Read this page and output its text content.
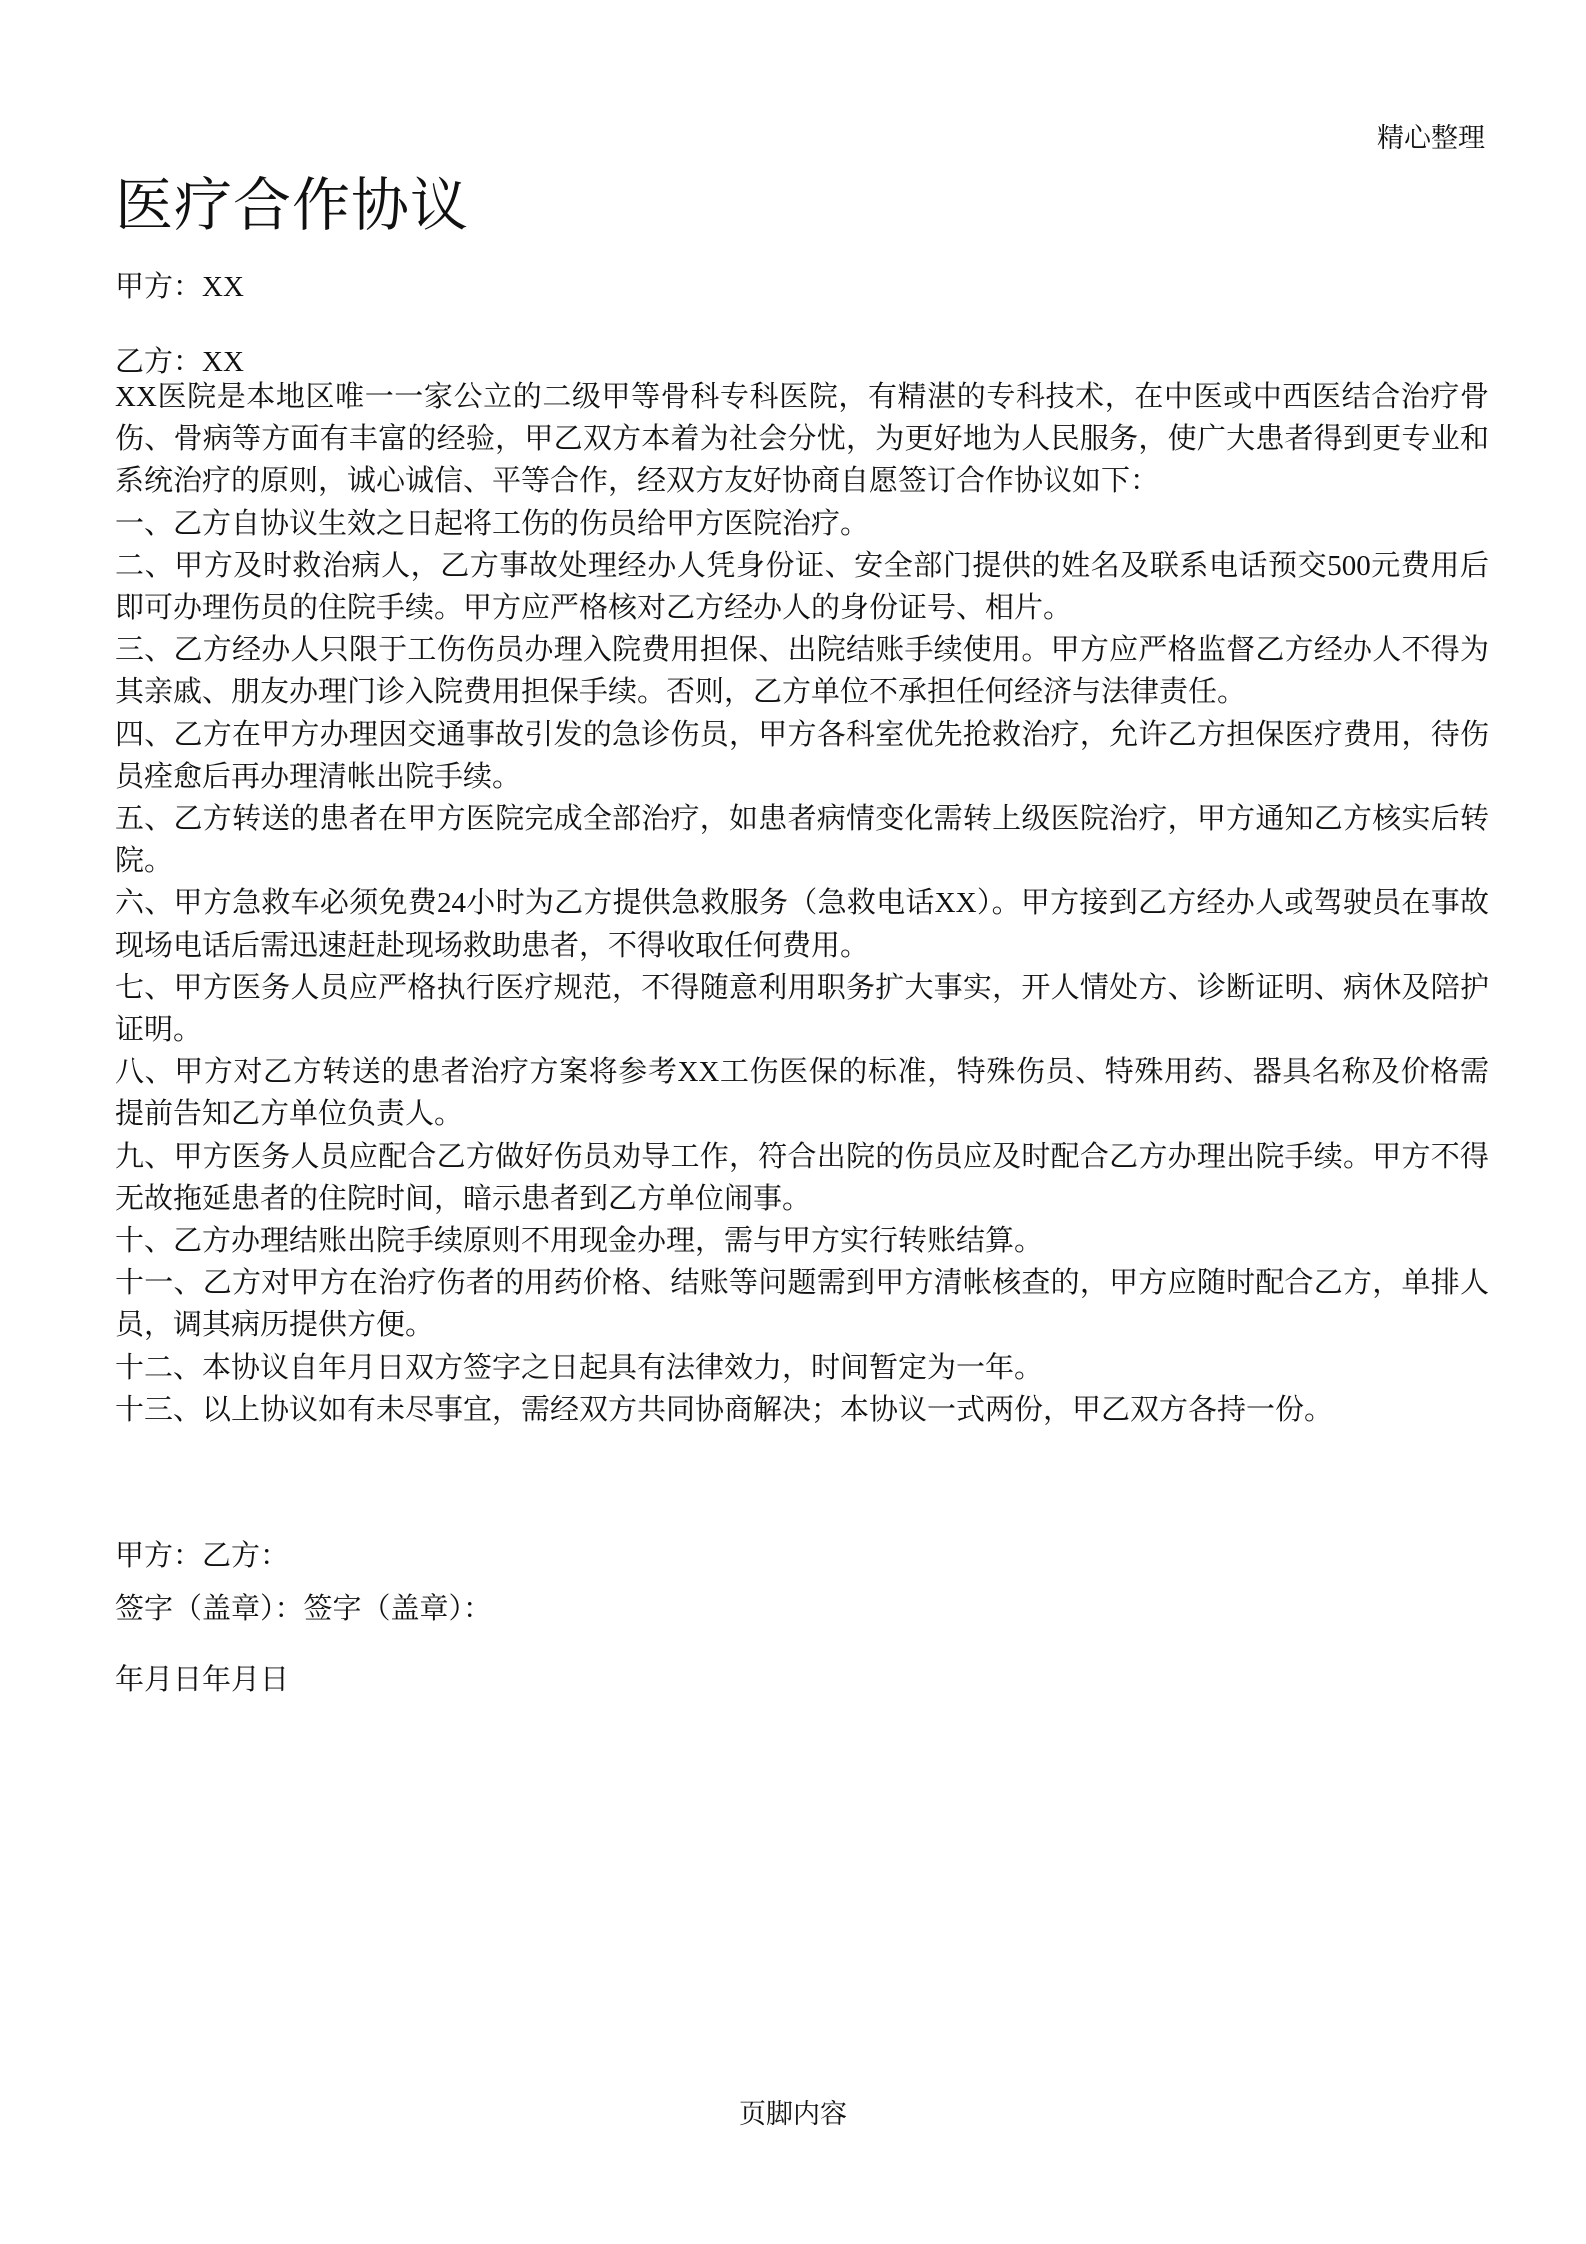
精心整理
医疗合作协议
甲方：XX
乙方：XX

XX医院是本地区唯一一家公立的二级甲等骨科专科医院，有精湛的专科技术，在中医或中西医结合治疗骨伤、骨病等方面有丰富的经验，甲乙双方本着为社会分忧，为更好地为人民服务，使广大患者得到更专业和系统治疗的原则，诚心诚信、平等合作，经双方友好协商自愿签订合作协议如下：

一、乙方自协议生效之日起将工伤的伤员给甲方医院治疗。

二、甲方及时救治病人，乙方事故处理经办人凭身份证、安全部门提供的姓名及联系电话预交500元费用后即可办理伤员的住院手续。甲方应严格核对乙方经办人的身份证号、相片。

三、乙方经办人只限于工伤伤员办理入院费用担保、出院结账手续使用。甲方应严格监督乙方经办人不得为其亲戚、朋友办理门诊入院费用担保手续。否则，乙方单位不承担任何经济与法律责任。

四、乙方在甲方办理因交通事故引发的急诊伤员，甲方各科室优先抢救治疗，允许乙方担保医疗费用，待伤员痊愈后再办理清帐出院手续。

五、乙方转送的患者在甲方医院完成全部治疗，如患者病情变化需转上级医院治疗，甲方通知乙方核实后转院。

六、甲方急救车必须免费24小时为乙方提供急救服务（急救电话XX）。甲方接到乙方经办人或驾驶员在事故现场电话后需迅速赶赴现场救助患者，不得收取任何费用。

七、甲方医务人员应严格执行医疗规范，不得随意利用职务扩大事实，开人情处方、诊断证明、病休及陪护证明。

八、甲方对乙方转送的患者治疗方案将参考XX工伤医保的标准，特殊伤员、特殊用药、器具名称及价格需提前告知乙方单位负责人。

九、甲方医务人员应配合乙方做好伤员劝导工作，符合出院的伤员应及时配合乙方办理出院手续。甲方不得无故拖延患者的住院时间，暗示患者到乙方单位闹事。

十、乙方办理结账出院手续原则不用现金办理，需与甲方实行转账结算。

十一、乙方对甲方在治疗伤者的用药价格、结账等问题需到甲方清帐核查的，甲方应随时配合乙方，单排人员，调其病历提供方便。

十二、本协议自年月日双方签字之日起具有法律效力，时间暂定为一年。

十三、以上协议如有未尽事宜，需经双方共同协商解决；本协议一式两份，甲乙双方各持一份。

甲方：乙方：
签字（盖章）：签字（盖章）：
年月日年月日
页脚内容
